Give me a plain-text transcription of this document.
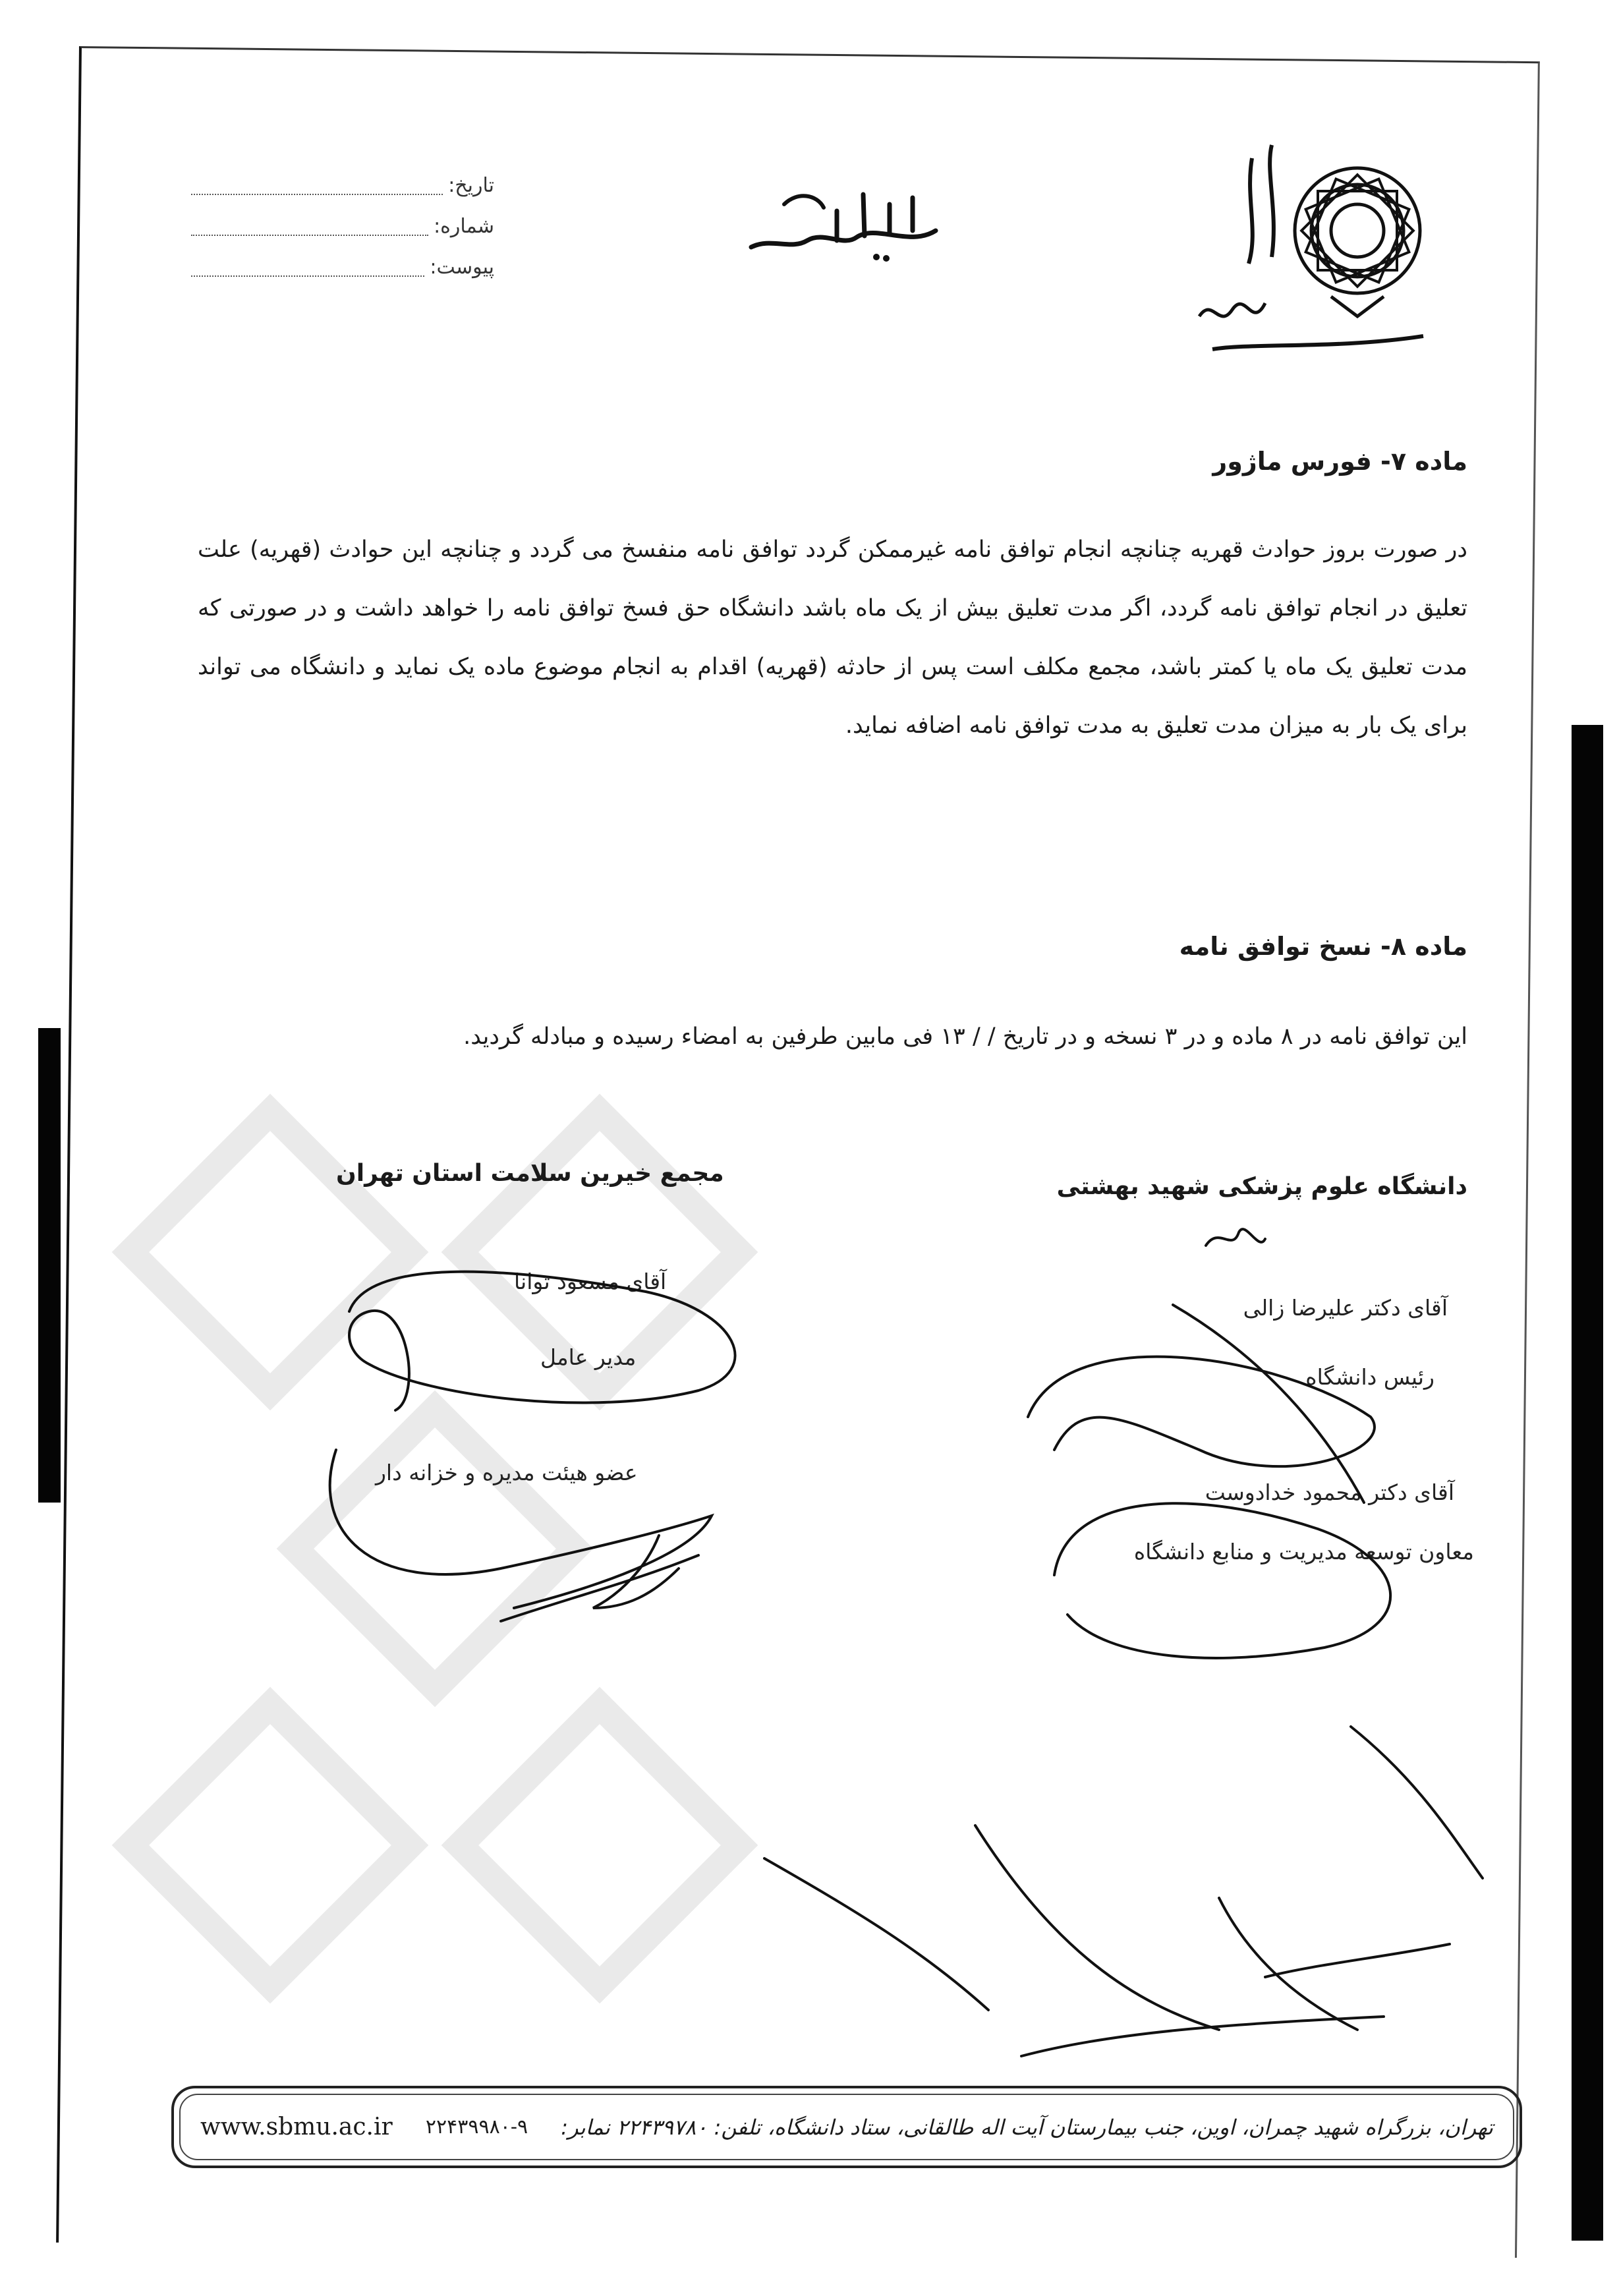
تاریخ:
شماره:
پیوست:	بسمه تعالی
ماده ۷- فورس ماژور
در صورت بروز حوادث قهریه چنانچه انجام توافق نامه غیرممکن گردد توافق نامه منفسخ می گردد و چنانچه این حوادث (قهریه) علت تعلیق در انجام توافق نامه گردد، اگر مدت تعلیق بیش از یک ماه باشد دانشگاه حق فسخ توافق نامه را خواهد داشت و در صورتی که مدت تعلیق یک ماه یا کمتر باشد، مجمع مکلف است پس از حادثه (قهریه) اقدام به انجام موضوع ماده یک نماید و دانشگاه می تواند برای یک بار به میزان مدت تعلیق به مدت توافق نامه اضافه نماید.
ماده ۸- نسخ توافق نامه
این توافق نامه در ۸ ماده و در ۳ نسخه و در تاریخ / / ۱۳ فی مابین طرفین به امضاء رسیده و مبادله گردید.
دانشگاه علوم پزشکی شهید بهشتی
مجمع خیرین سلامت استان تهران
آقای دکتر علیرضا زالی
رئیس دانشگاه
آقای دکتر محمود خدادوست
معاون توسعه مدیریت و منابع دانشگاه
آقای مسعود توانا
مدیر عامل
عضو هیئت مدیره و خزانه دار
www.sbmu.ac.ir ۲۲۴۳۹۹۸۰-۹ تهران، بزرگراه شهید چمران، اوین، جنب بیمارستان آیت اله طالقانی، ستاد دانشگاه، تلفن: ۲۲۴۳۹۷۸۰ نمابر:
